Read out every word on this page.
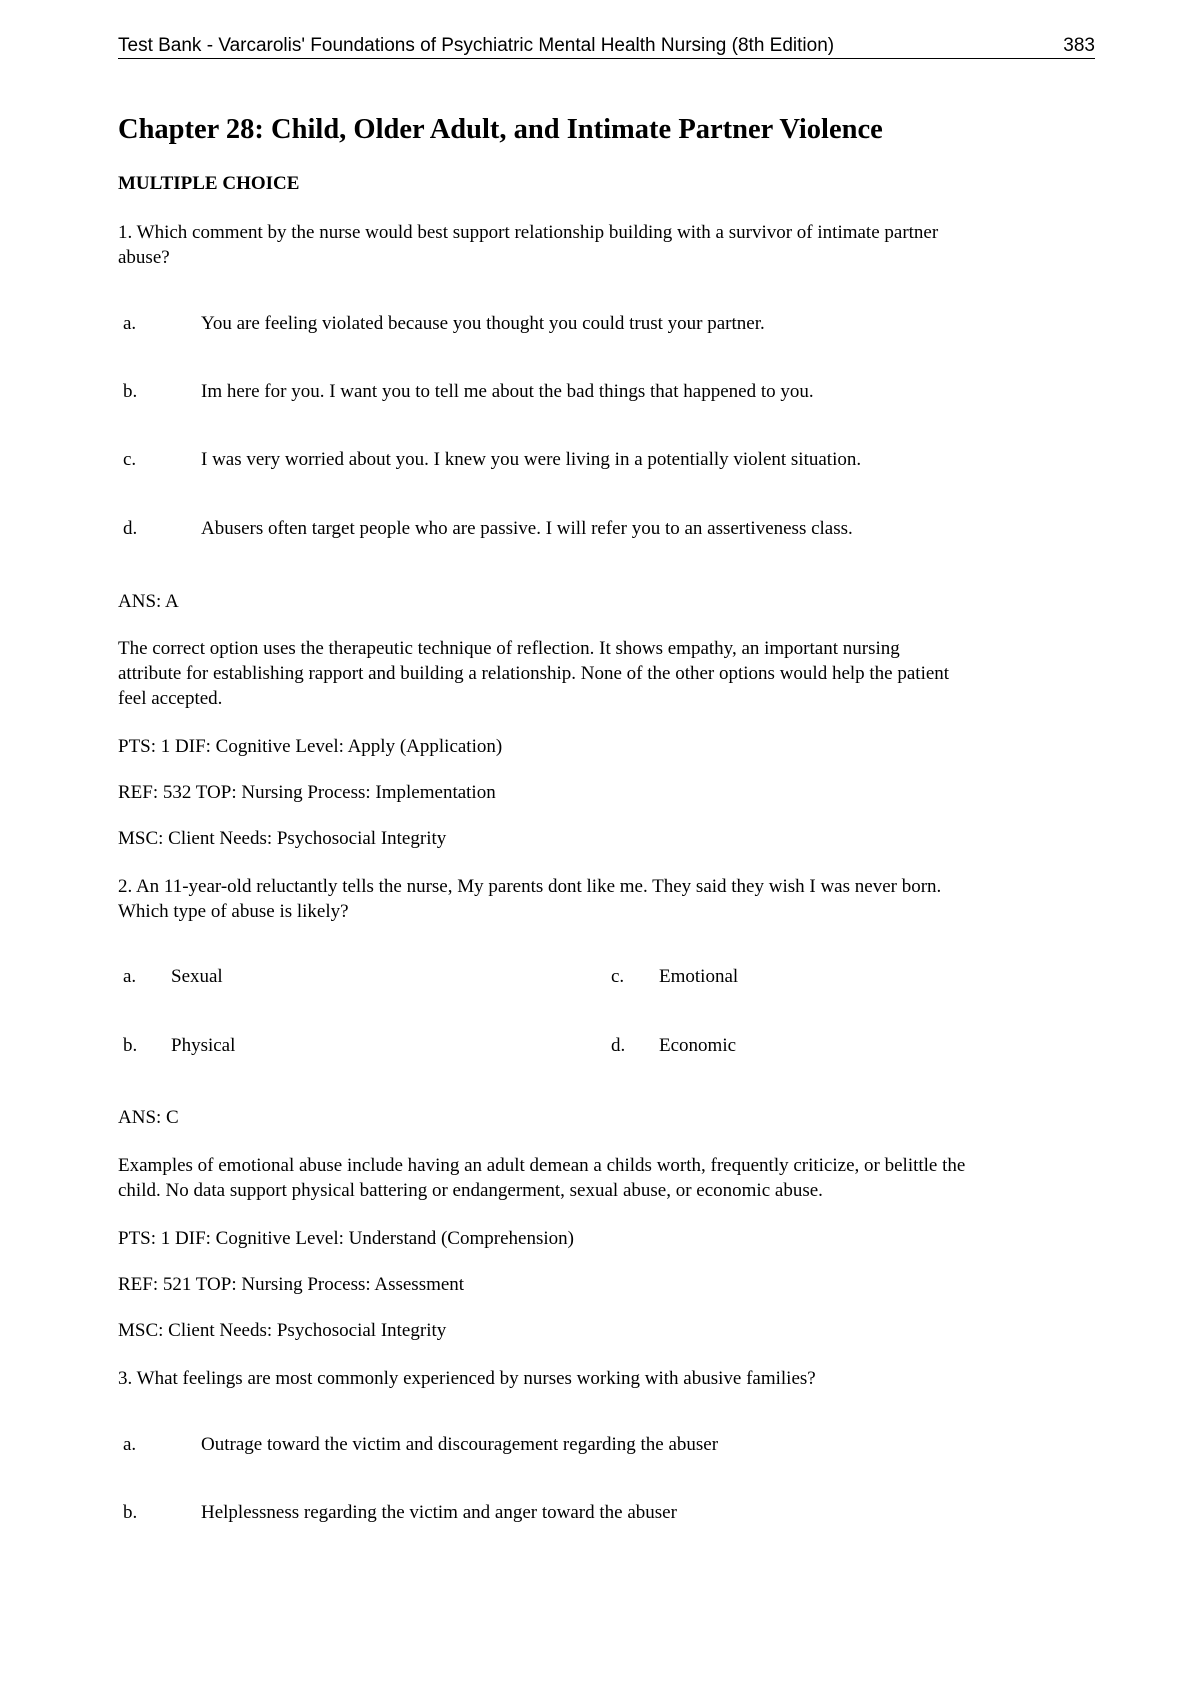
Test Bank - Varcarolis' Foundations of Psychiatric Mental Health Nursing (8th Edition)	383
Chapter 28: Child, Older Adult, and Intimate Partner Violence
MULTIPLE CHOICE
1. Which comment by the nurse would best support relationship building with a survivor of intimate partner
abuse?
a.	You are feeling violated because you thought you could trust your partner.
b.	Im here for you. I want you to tell me about the bad things that happened to you.
c.	I was very worried about you. I knew you were living in a potentially violent situation.
d.	Abusers often target people who are passive. I will refer you to an assertiveness class.
ANS: A
The correct option uses the therapeutic technique of reflection. It shows empathy, an important nursing
attribute for establishing rapport and building a relationship. None of the other options would help the patient
feel accepted.
PTS: 1 DIF: Cognitive Level: Apply (Application)
REF: 532 TOP: Nursing Process: Implementation
MSC: Client Needs: Psychosocial Integrity
2. An 11-year-old reluctantly tells the nurse, My parents dont like me. They said they wish I was never born.
Which type of abuse is likely?
a. Sexual	c. Emotional
b. Physical	d. Economic
ANS: C
Examples of emotional abuse include having an adult demean a childs worth, frequently criticize, or belittle the
child. No data support physical battering or endangerment, sexual abuse, or economic abuse.
PTS: 1 DIF: Cognitive Level: Understand (Comprehension)
REF: 521 TOP: Nursing Process: Assessment
MSC: Client Needs: Psychosocial Integrity
3. What feelings are most commonly experienced by nurses working with abusive families?
a.	Outrage toward the victim and discouragement regarding the abuser
b.	Helplessness regarding the victim and anger toward the abuser
